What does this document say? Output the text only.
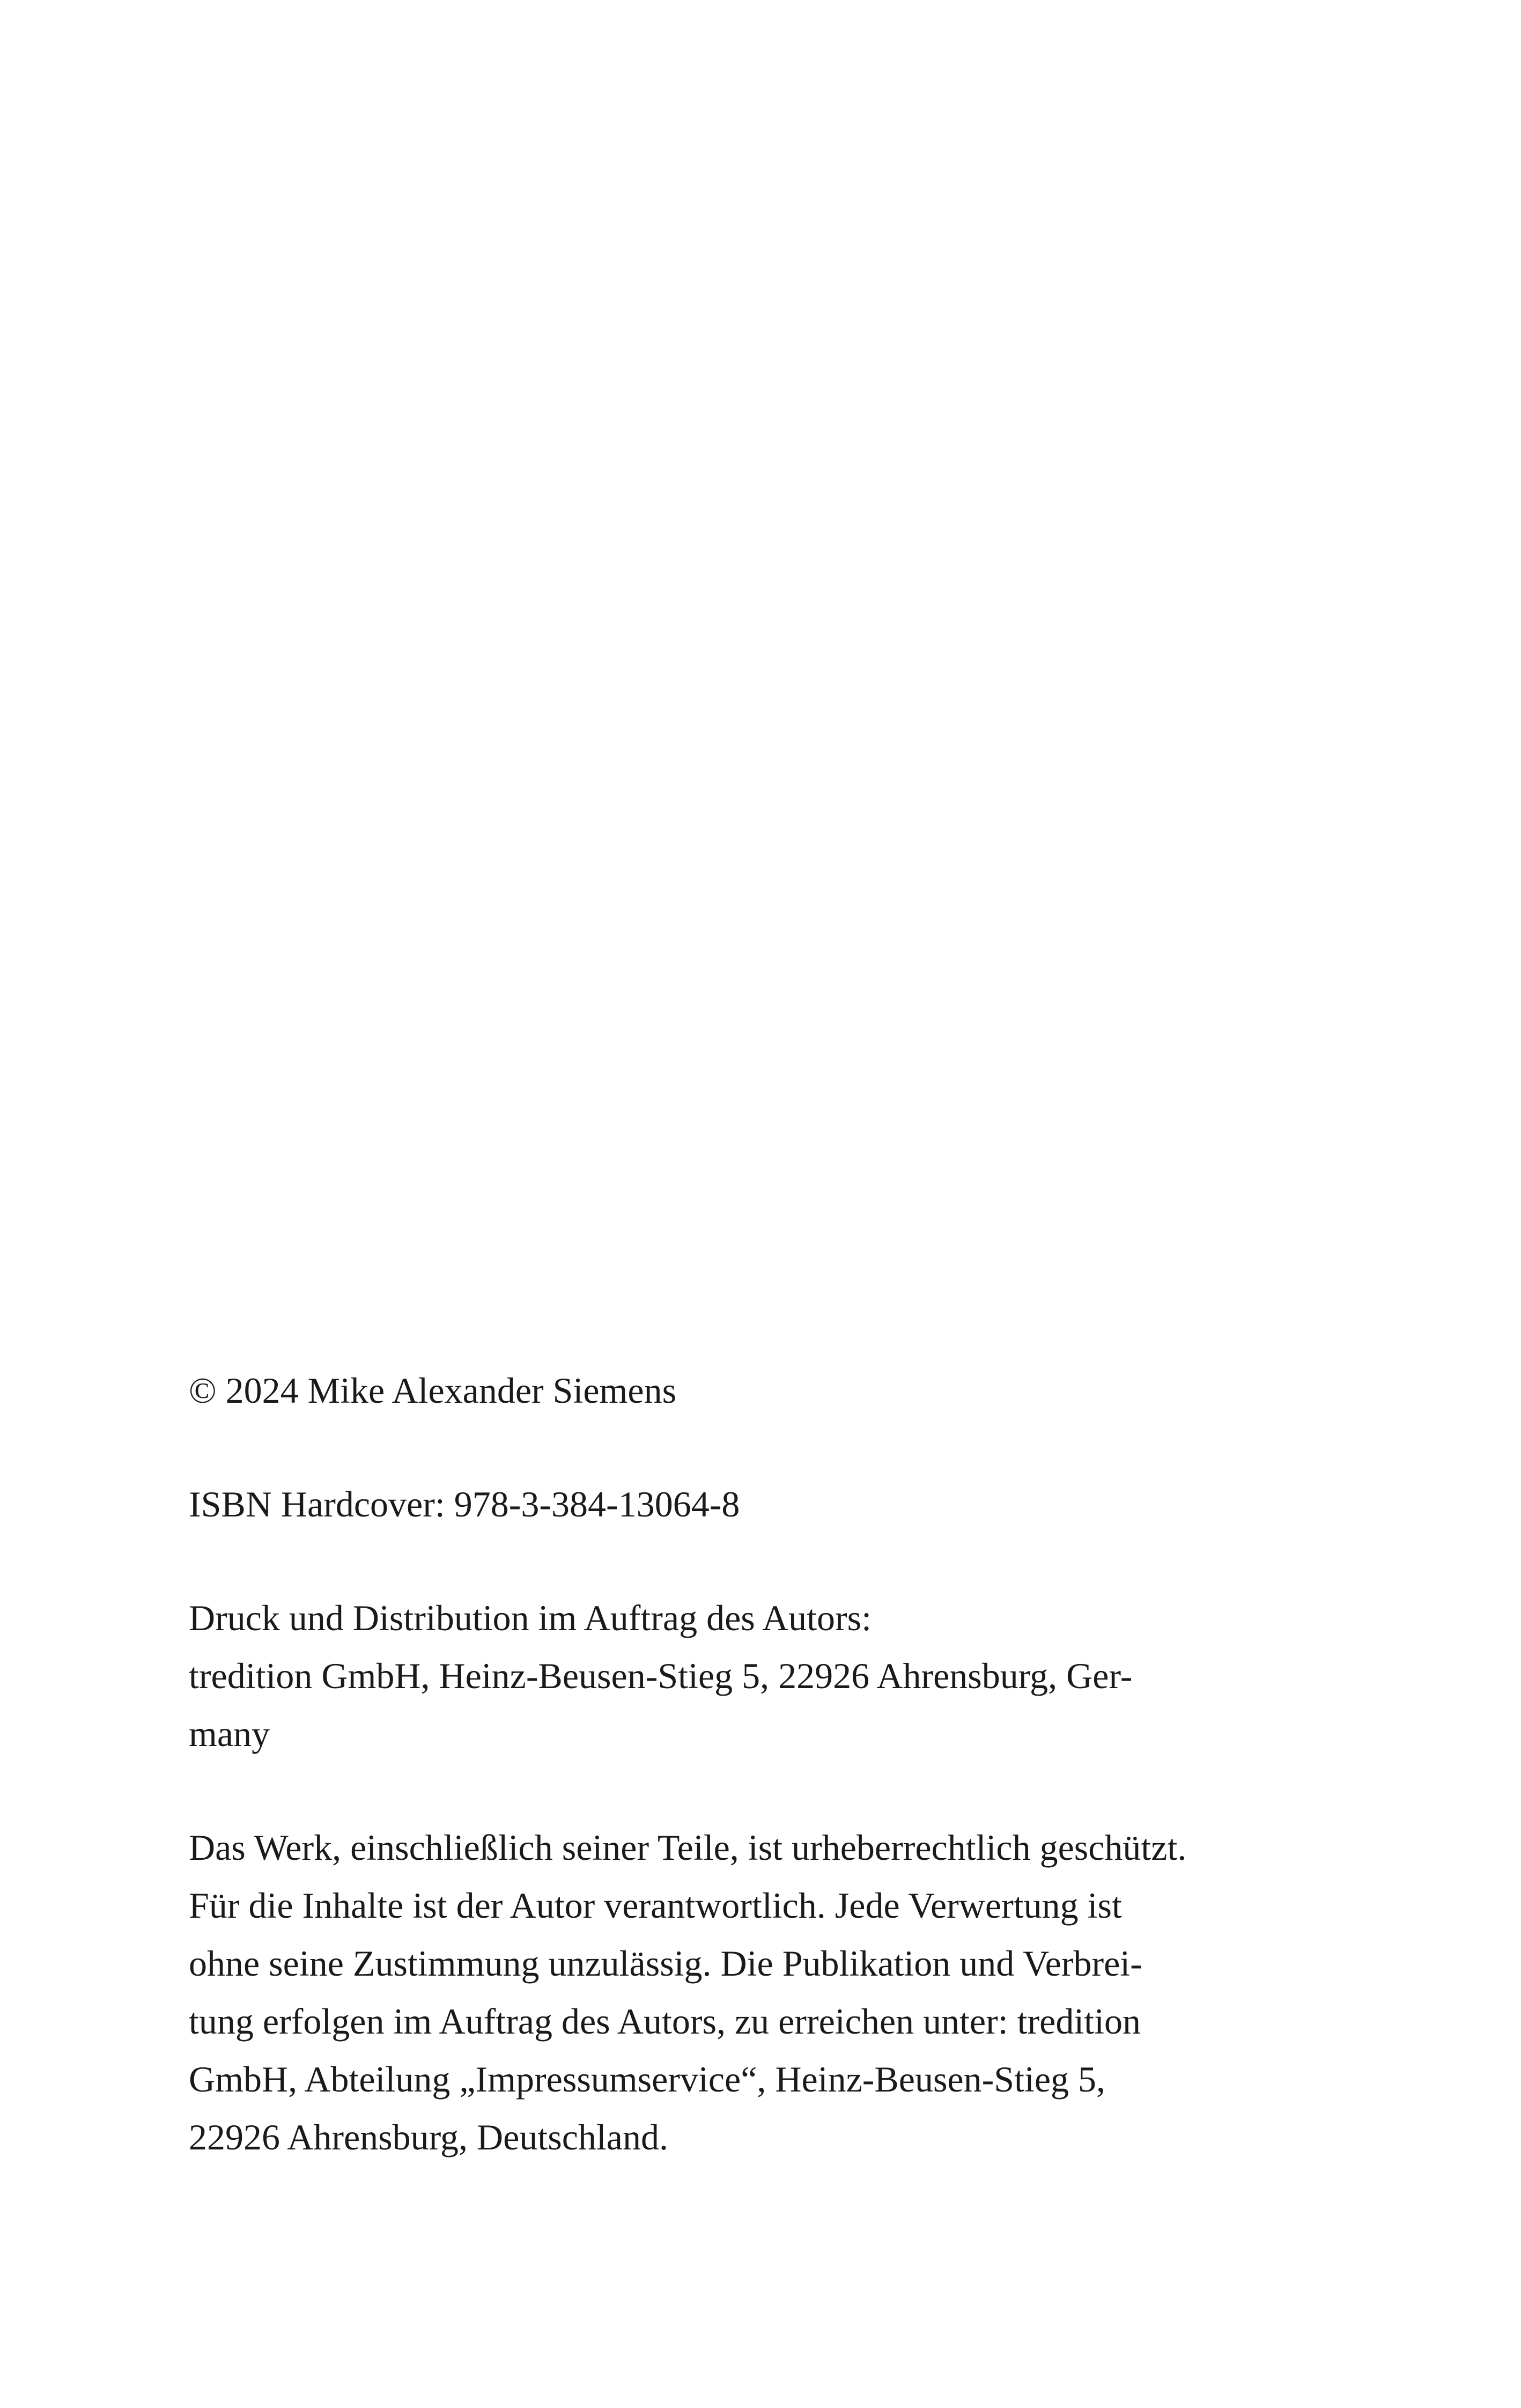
© 2024 Mike Alexander Siemens
ISBN Hardcover: 978-3-384-13064-8
Druck und Distribution im Auftrag des Autors:
tredition GmbH, Heinz-Beusen-Stieg 5, 22926 Ahrensburg, Ger-
many
Das Werk, einschließlich seiner Teile, ist urheberrechtlich geschützt.
Für die Inhalte ist der Autor verantwortlich. Jede Verwertung ist
ohne seine Zustimmung unzulässig. Die Publikation und Verbrei-
tung erfolgen im Auftrag des Autors, zu erreichen unter: tredition
GmbH, Abteilung „Impressumservice“, Heinz-Beusen-Stieg 5,
22926 Ahrensburg, Deutschland.
